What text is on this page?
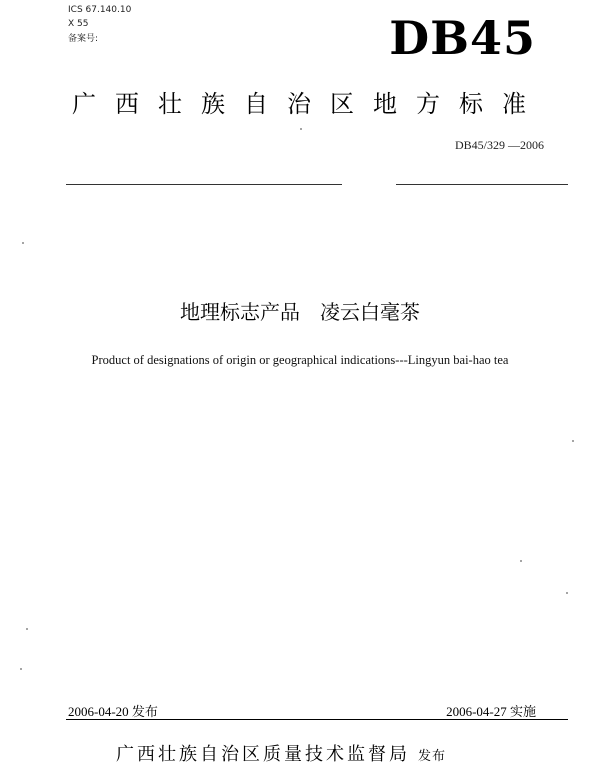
ICS 67.140.10
X 55
备案号:	DB45
广西壮族自治区地方标准
DB45/329 —2006
地理标志产品　凌云白毫茶
Product of designations of origin or geographical indications---Lingyun bai-hao tea
2006-04-20 发布	2006-04-27 实施
广西壮族自治区质量技术监督局 发布
